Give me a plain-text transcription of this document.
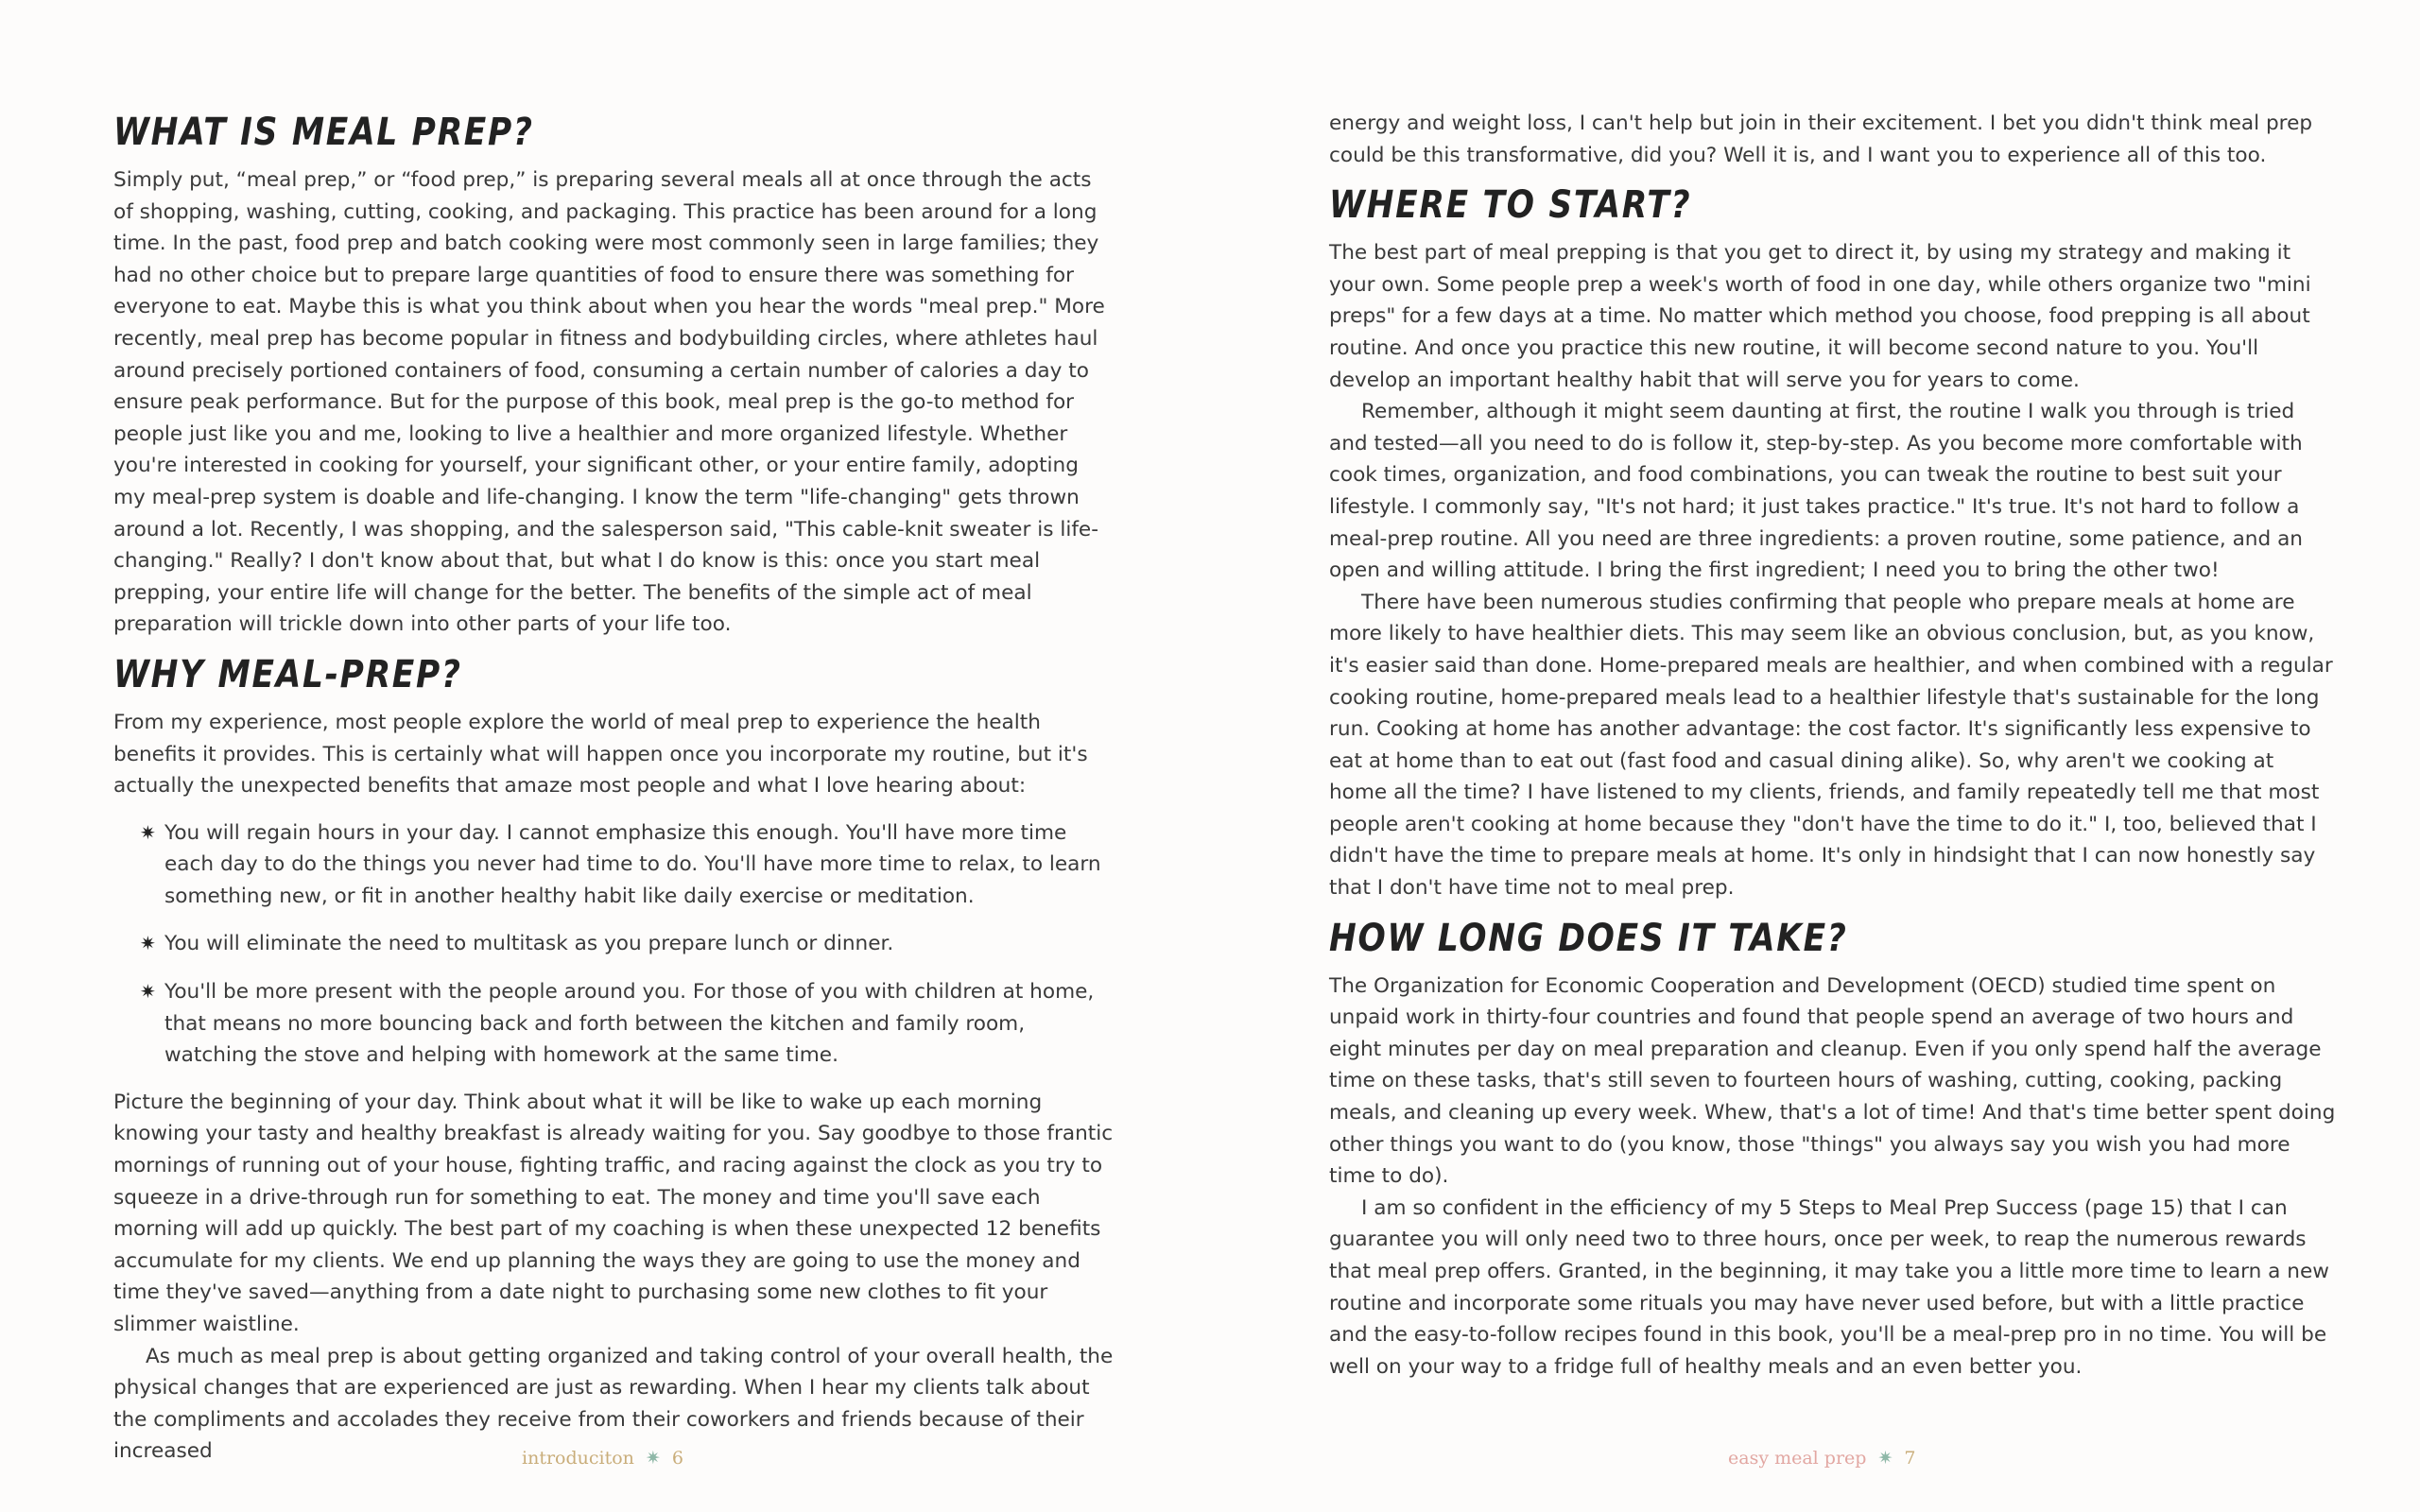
WHAT IS MEAL PREP?

Simply put, “meal prep,” or “food prep,” is preparing several meals all at once through the acts of shopping, washing, cutting, cooking, and packaging. This practice has been around for a long time. In the past, food prep and batch cooking were most commonly seen in large families; they had no other choice but to prepare large quantities of food to ensure there was something for everyone to eat. Maybe this is what you think about when you hear the words "meal prep." More recently, meal prep has become popular in fitness and bodybuilding circles, where athletes haul around precisely portioned containers of food, consuming a certain number of calories a day to ensure peak performance. But for the purpose of this book, meal prep is the go-to method for people just like you and me, looking to live a healthier and more organized lifestyle. Whether you're interested in cooking for yourself, your significant other, or your entire family, adopting my meal-prep system is doable and life-changing. I know the term "life-changing" gets thrown around a lot. Recently, I was shopping, and the salesperson said, "This cable-knit sweater is life-changing." Really? I don't know about that, but what I do know is this: once you start meal prepping, your entire life will change for the better. The benefits of the simple act of meal preparation will trickle down into other parts of your life too.

WHY MEAL-PREP?

From my experience, most people explore the world of meal prep to experience the health benefits it provides. This is certainly what will happen once you incorporate my routine, but it's actually the unexpected benefits that amaze most people and what I love hearing about:

✷ You will regain hours in your day. I cannot emphasize this enough. You'll have more time each day to do the things you never had time to do. You'll have more time to relax, to learn something new, or fit in another healthy habit like daily exercise or meditation.
✷ You will eliminate the need to multitask as you prepare lunch or dinner.
✷ You'll be more present with the people around you. For those of you with children at home, that means no more bouncing back and forth between the kitchen and family room, watching the stove and helping with homework at the same time.

Picture the beginning of your day. Think about what it will be like to wake up each morning knowing your tasty and healthy breakfast is already waiting for you. Say goodbye to those frantic mornings of running out of your house, fighting traffic, and racing against the clock as you try to squeeze in a drive-through run for something to eat. The money and time you'll save each morning will add up quickly. The best part of my coaching is when these unexpected 12 benefits accumulate for my clients. We end up planning the ways they are going to use the money and time they've saved—anything from a date night to purchasing some new clothes to fit your slimmer waistline.

As much as meal prep is about getting organized and taking control of your overall health, the physical changes that are experienced are just as rewarding. When I hear my clients talk about the compliments and accolades they receive from their coworkers and friends because of their increased	introduciton ✷ 6

energy and weight loss, I can't help but join in their excitement. I bet you didn't think meal prep could be this transformative, did you? Well it is, and I want you to experience all of this too.

WHERE TO START?

The best part of meal prepping is that you get to direct it, by using my strategy and making it your own. Some people prep a week's worth of food in one day, while others organize two "mini preps" for a few days at a time. No matter which method you choose, food prepping is all about routine. And once you practice this new routine, it will become second nature to you. You'll develop an important healthy habit that will serve you for years to come.

Remember, although it might seem daunting at first, the routine I walk you through is tried and tested—all you need to do is follow it, step-by-step. As you become more comfortable with cook times, organization, and food combinations, you can tweak the routine to best suit your lifestyle. I commonly say, "It's not hard; it just takes practice." It's true. It's not hard to follow a meal-prep routine. All you need are three ingredients: a proven routine, some patience, and an open and willing attitude. I bring the first ingredient; I need you to bring the other two!

There have been numerous studies confirming that people who prepare meals at home are more likely to have healthier diets. This may seem like an obvious conclusion, but, as you know, it's easier said than done. Home-prepared meals are healthier, and when combined with a regular cooking routine, home-prepared meals lead to a healthier lifestyle that's sustainable for the long run. Cooking at home has another advantage: the cost factor. It's significantly less expensive to eat at home than to eat out (fast food and casual dining alike). So, why aren't we cooking at home all the time? I have listened to my clients, friends, and family repeatedly tell me that most people aren't cooking at home because they "don't have the time to do it." I, too, believed that I didn't have the time to prepare meals at home. It's only in hindsight that I can now honestly say that I don't have time not to meal prep.

HOW LONG DOES IT TAKE?

The Organization for Economic Cooperation and Development (OECD) studied time spent on unpaid work in thirty-four countries and found that people spend an average of two hours and eight minutes per day on meal preparation and cleanup. Even if you only spend half the average time on these tasks, that's still seven to fourteen hours of washing, cutting, cooking, packing meals, and cleaning up every week. Whew, that's a lot of time! And that's time better spent doing other things you want to do (you know, those "things" you always say you wish you had more time to do).

I am so confident in the efficiency of my 5 Steps to Meal Prep Success (page 15) that I can guarantee you will only need two to three hours, once per week, to reap the numerous rewards that meal prep offers. Granted, in the beginning, it may take you a little more time to learn a new routine and incorporate some rituals you may have never used before, but with a little practice and the easy-to-follow recipes found in this book, you'll be a meal-prep pro in no time. You will be well on your way to a fridge full of healthy meals and an even better you.

easy meal prep ✷ 7
